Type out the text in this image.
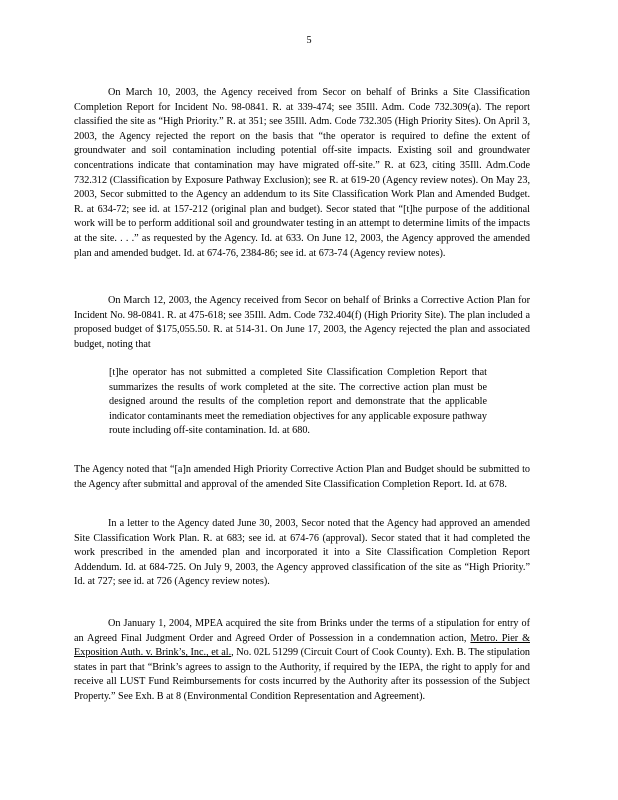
5

On March 10, 2003, the Agency received from Secor on behalf of Brinks a Site Classification Completion Report for Incident No. 98-0841. R. at 339-474; see 35Ill. Adm. Code 732.309(a). The report classified the site as “High Priority.” R. at 351; see 35Ill. Adm. Code 732.305 (High Priority Sites). On April 3, 2003, the Agency rejected the report on the basis that “the operator is required to define the extent of groundwater and soil contamination including potential off-site impacts. Existing soil and groundwater concentrations indicate that contamination may have migrated off-site.” R. at 623, citing 35Ill. Adm.Code 732.312 (Classification by Exposure Pathway Exclusion); see R. at 619-20 (Agency review notes). On May 23, 2003, Secor submitted to the Agency an addendum to its Site Classification Work Plan and Amended Budget. R. at 634-72; see id. at 157-212 (original plan and budget). Secor stated that “[t]he purpose of the additional work will be to perform additional soil and groundwater testing in an attempt to determine limits of the impacts at the site. . . .” as requested by the Agency. Id. at 633. On June 12, 2003, the Agency approved the amended plan and amended budget. Id. at 674-76, 2384-86; see id. at 673-74 (Agency review notes).

On March 12, 2003, the Agency received from Secor on behalf of Brinks a Corrective Action Plan for Incident No. 98-0841. R. at 475-618; see 35Ill. Adm. Code 732.404(f) (High Priority Site). The plan included a proposed budget of $175,055.50. R. at 514-31. On June 17, 2003, the Agency rejected the plan and associated budget, noting that

[t]he operator has not submitted a completed Site Classification Completion Report that summarizes the results of work completed at the site. The corrective action plan must be designed around the results of the completion report and demonstrate that the applicable indicator contaminants meet the remediation objectives for any applicable exposure pathway route including off-site contamination. Id. at 680.

The Agency noted that “[a]n amended High Priority Corrective Action Plan and Budget should be submitted to the Agency after submittal and approval of the amended Site Classification Completion Report. Id. at 678.

In a letter to the Agency dated June 30, 2003, Secor noted that the Agency had approved an amended Site Classification Work Plan. R. at 683; see id. at 674-76 (approval). Secor stated that it had completed the work prescribed in the amended plan and incorporated it into a Site Classification Completion Report Addendum. Id. at 684-725. On July 9, 2003, the Agency approved classification of the site as “High Priority.” Id. at 727; see id. at 726 (Agency review notes).

On January 1, 2004, MPEA acquired the site from Brinks under the terms of a stipulation for entry of an Agreed Final Judgment Order and Agreed Order of Possession in a condemnation action, Metro. Pier & Exposition Auth. v. Brink’s, Inc., et al., No. 02L 51299 (Circuit Court of Cook County). Exh. B. The stipulation states in part that “Brink’s agrees to assign to the Authority, if required by the IEPA, the right to apply for and receive all LUST Fund Reimbursements for costs incurred by the Authority after its possession of the Subject Property.” See Exh. B at 8 (Environmental Condition Representation and Agreement).
